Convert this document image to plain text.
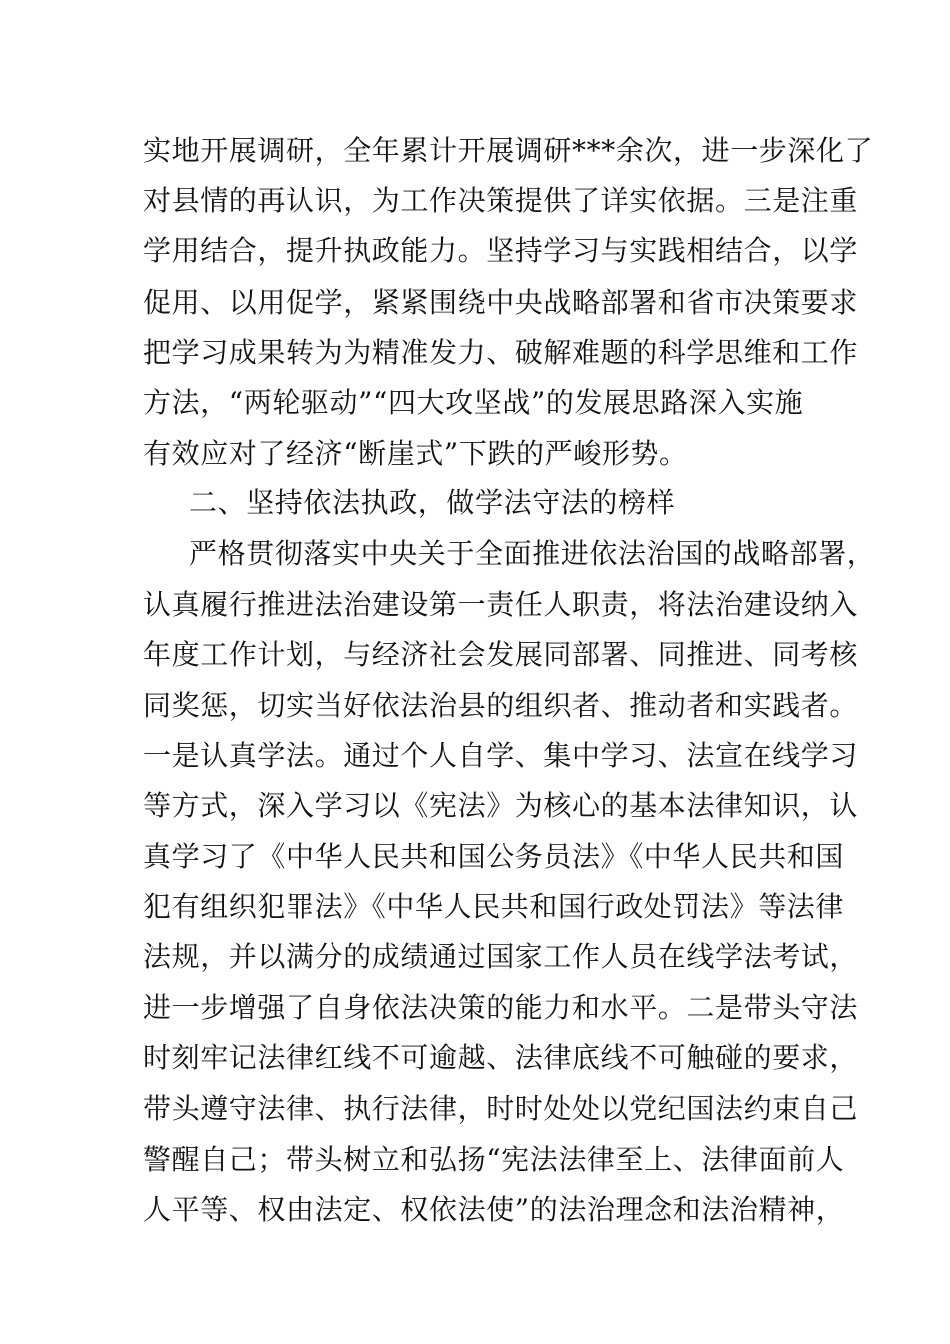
实地开展调研，全年累计开展调研***余次，进一步深化了
对县情的再认识，为工作决策提供了详实依据。三是注重
学用结合，提升执政能力。坚持学习与实践相结合，以学
促用、以用促学，紧紧围绕中央战略部署和省市决策要求
把学习成果转为为精准发力、破解难题的科学思维和工作
方法，“两轮驱动”“四大攻坚战”的发展思路深入实施
有效应对了经济“断崖式”下跌的严峻形势。
二、坚持依法执政，做学法守法的榜样
严格贯彻落实中央关于全面推进依法治国的战略部署，
认真履行推进法治建设第一责任人职责，将法治建设纳入
年度工作计划，与经济社会发展同部署、同推进、同考核
同奖惩，切实当好依法治县的组织者、推动者和实践者。
一是认真学法。通过个人自学、集中学习、法宣在线学习
等方式，深入学习以《宪法》为核心的基本法律知识，认
真学习了《中华人民共和国公务员法》《中华人民共和国
犯有组织犯罪法》《中华人民共和国行政处罚法》等法律
法规，并以满分的成绩通过国家工作人员在线学法考试，
进一步增强了自身依法决策的能力和水平。二是带头守法
时刻牢记法律红线不可逾越、法律底线不可触碰的要求，
带头遵守法律、执行法律，时时处处以党纪国法约束自己
警醒自己；带头树立和弘扬“宪法法律至上、法律面前人
人平等、权由法定、权依法使”的法治理念和法治精神，
